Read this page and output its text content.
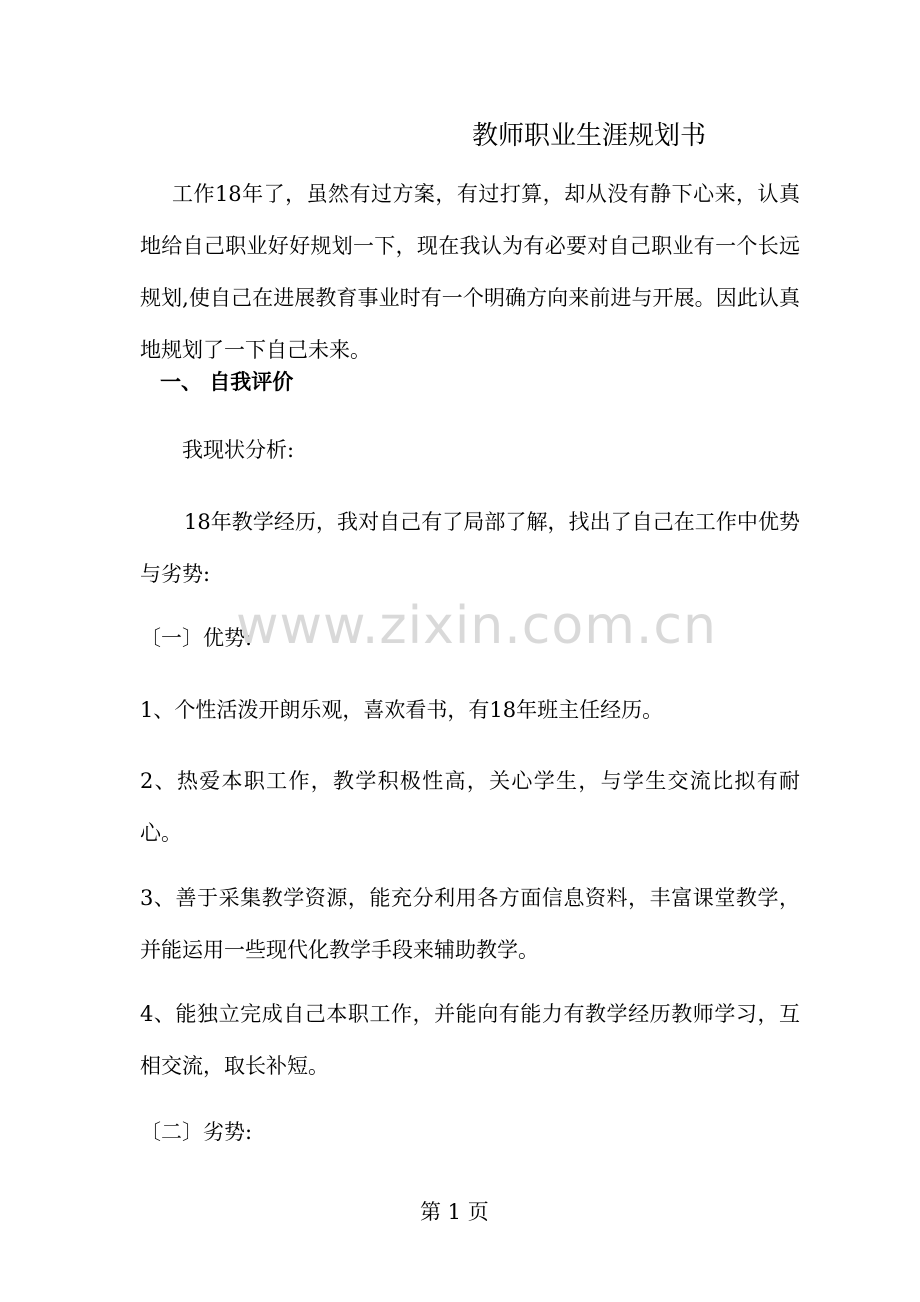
教师职业生涯规划书

工作18年了，虽然有过方案，有过打算，却从没有静下心来，认真地给自己职业好好规划一下，现在我认为有必要对自己职业有一个长远规划,使自己在进展教育事业时有一个明确方向来前进与开展。因此认真地规划了一下自己未来。

一、 自我评价
我现状分析:

18年教学经历，我对自己有了局部了解，找出了自己在工作中优势与劣势:

〔一〕优势:

1、个性活泼开朗乐观，喜欢看书，有18年班主任经历。

2、热爱本职工作，教学积极性高，关心学生，与学生交流比拟有耐心。

3、善于采集教学资源，能充分利用各方面信息资料，丰富课堂教学，并能运用一些现代化教学手段来辅助教学。

4、能独立完成自己本职工作，并能向有能力有教学经历教师学习，互相交流，取长补短。

〔二〕劣势:
www.zixin.com.cn
第 1 页
